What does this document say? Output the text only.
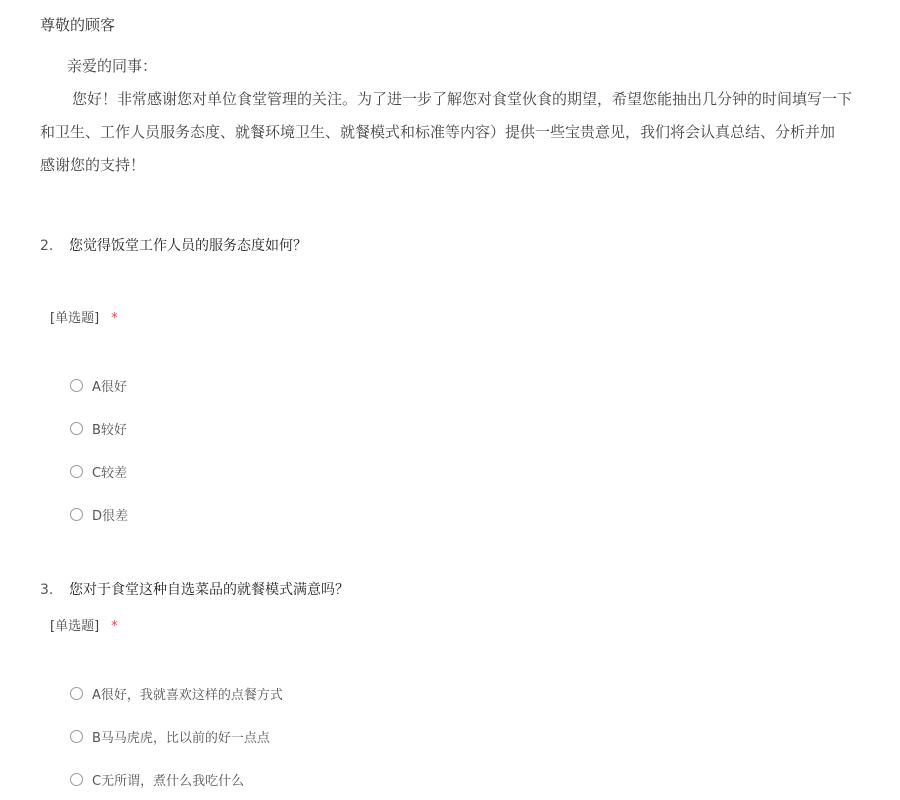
尊敬的顾客
亲爱的同事：
您好！非常感谢您对单位食堂管理的关注。为了进一步了解您对食堂伙食的期望，希望您能抽出几分钟的时间填写一下
和卫生、工作人员服务态度、就餐环境卫生、就餐模式和标准等内容）提供一些宝贵意见，我们将会认真总结、分析并加
感谢您的支持！
2. 您觉得饭堂工作人员的服务态度如何？
[单选题] *
A很好
B较好
C较差
D很差
3. 您对于食堂这种自选菜品的就餐模式满意吗？
[单选题] *
A很好，我就喜欢这样的点餐方式
B马马虎虎，比以前的好一点点
C无所谓，煮什么我吃什么
